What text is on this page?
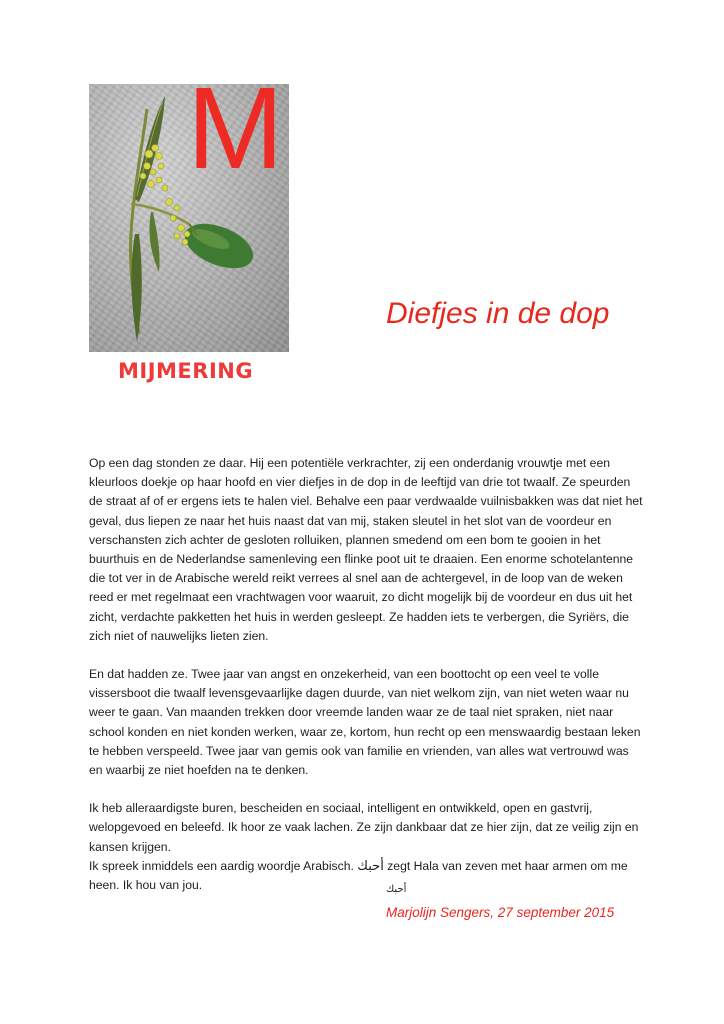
M
MIJMERING
Diefjes in de dop

Op een dag stonden ze daar. Hij een potentiële verkrachter, zij een onderdanig vrouwtje met een kleurloos doekje op haar hoofd en vier diefjes in de dop in de leeftijd van drie tot twaalf. Ze speurden de straat af of er ergens iets te halen viel. Behalve een paar verdwaalde vuilnisbakken was dat niet het geval, dus liepen ze naar het huis naast dat van mij, staken sleutel in het slot van de voordeur en verschansten zich achter de gesloten rolluiken, plannen smedend om een bom te gooien in het buurthuis en de Nederlandse samenleving een flinke poot uit te draaien. Een enorme schotelantenne die tot ver in de Arabische wereld reikt verrees al snel aan de achtergevel, in de loop van de weken reed er met regelmaat een vrachtwagen voor waaruit, zo dicht mogelijk bij de voordeur en dus uit het zicht, verdachte pakketten het huis in werden gesleept. Ze hadden iets te verbergen, die Syriërs, die zich niet of nauwelijks lieten zien.

En dat hadden ze. Twee jaar van angst en onzekerheid, van een boottocht op een veel te volle vissersboot die twaalf levensgevaarlijke dagen duurde, van niet welkom zijn, van niet weten waar nu weer te gaan. Van maanden trekken door vreemde landen waar ze de taal niet spraken, niet naar school konden en niet konden werken, waar ze, kortom, hun recht op een menswaardig bestaan leken te hebben verspeeld. Twee jaar van gemis ook van familie en vrienden, van alles wat vertrouwd was en waarbij ze niet hoefden na te denken.

Ik heb alleraardigste buren, bescheiden en sociaal, intelligent en ontwikkeld, open en gastvrij, welopgevoed en beleefd. Ik hoor ze vaak lachen. Ze zijn dankbaar dat ze hier zijn, dat ze veilig zijn en kansen krijgen.

Ik spreek inmiddels een aardig woordje Arabisch. أحبك zegt Hala van zeven met haar armen om me heen. Ik hou van jou.	أحبك
Marjolijn Sengers, 27 september 2015
